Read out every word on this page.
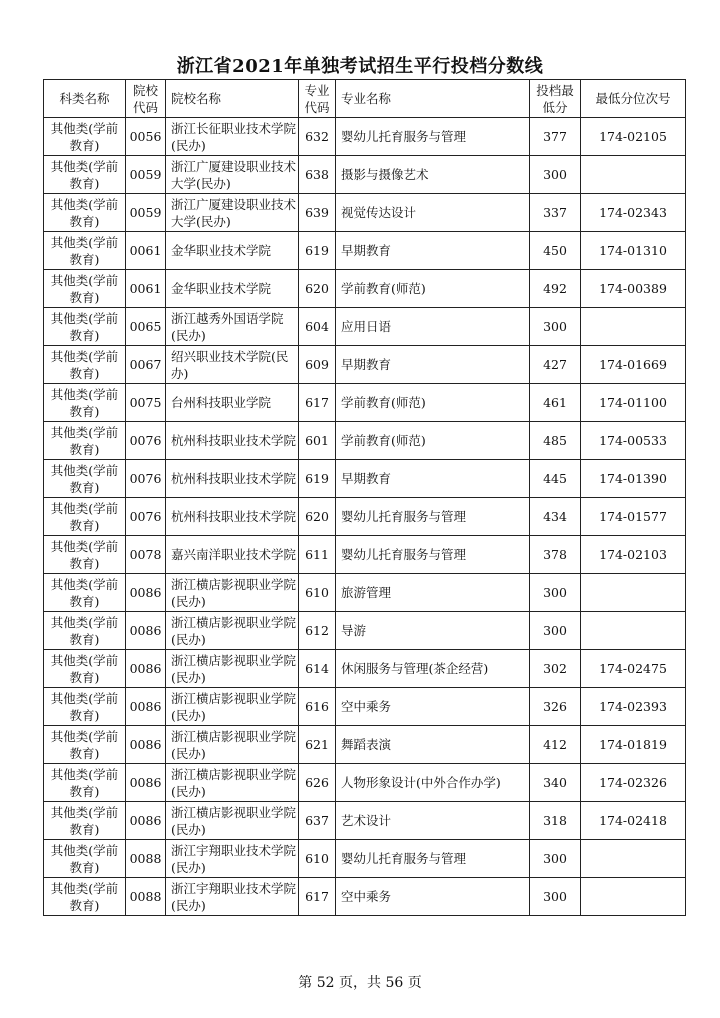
浙江省2021年单独考试招生平行投档分数线
科类名称	院校代码	院校名称	专业代码	专业名称	投档最低分	最低分位次号
其他类(学前教育)	0056	浙江长征职业技术学院(民办)	632	婴幼儿托育服务与管理	377	174-02105
其他类(学前教育)	0059	浙江广厦建设职业技术大学(民办)	638	摄影与摄像艺术	300	
其他类(学前教育)	0059	浙江广厦建设职业技术大学(民办)	639	视觉传达设计	337	174-02343
其他类(学前教育)	0061	金华职业技术学院	619	早期教育	450	174-01310
其他类(学前教育)	0061	金华职业技术学院	620	学前教育(师范)	492	174-00389
其他类(学前教育)	0065	浙江越秀外国语学院(民办)	604	应用日语	300	
其他类(学前教育)	0067	绍兴职业技术学院(民办)	609	早期教育	427	174-01669
其他类(学前教育)	0075	台州科技职业学院	617	学前教育(师范)	461	174-01100
其他类(学前教育)	0076	杭州科技职业技术学院	601	学前教育(师范)	485	174-00533
其他类(学前教育)	0076	杭州科技职业技术学院	619	早期教育	445	174-01390
其他类(学前教育)	0076	杭州科技职业技术学院	620	婴幼儿托育服务与管理	434	174-01577
其他类(学前教育)	0078	嘉兴南洋职业技术学院	611	婴幼儿托育服务与管理	378	174-02103
其他类(学前教育)	0086	浙江横店影视职业学院(民办)	610	旅游管理	300	
其他类(学前教育)	0086	浙江横店影视职业学院(民办)	612	导游	300	
其他类(学前教育)	0086	浙江横店影视职业学院(民办)	614	休闲服务与管理(茶企经营)	302	174-02475
其他类(学前教育)	0086	浙江横店影视职业学院(民办)	616	空中乘务	326	174-02393
其他类(学前教育)	0086	浙江横店影视职业学院(民办)	621	舞蹈表演	412	174-01819
其他类(学前教育)	0086	浙江横店影视职业学院(民办)	626	人物形象设计(中外合作办学)	340	174-02326
其他类(学前教育)	0086	浙江横店影视职业学院(民办)	637	艺术设计	318	174-02418
其他类(学前教育)	0088	浙江宇翔职业技术学院(民办)	610	婴幼儿托育服务与管理	300	
其他类(学前教育)	0088	浙江宇翔职业技术学院(民办)	617	空中乘务	300	
第 52 页，共 56 页
